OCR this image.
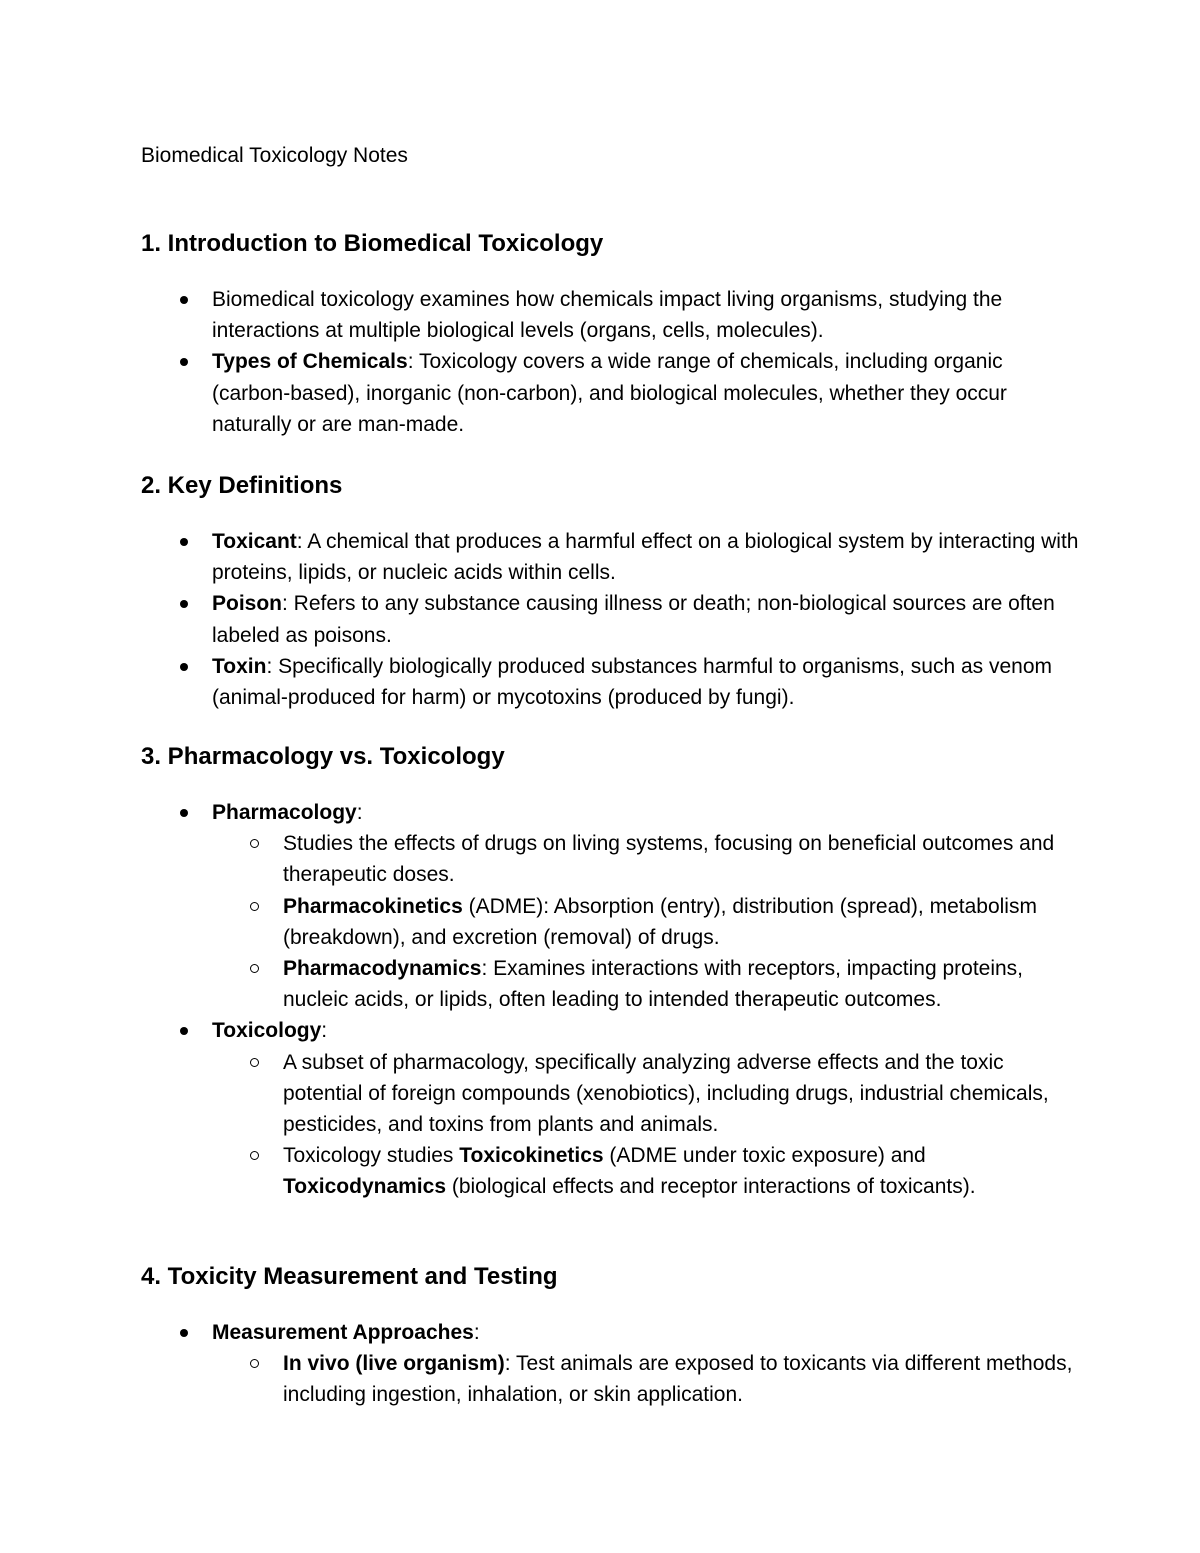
Biomedical Toxicology Notes

1. Introduction to Biomedical Toxicology
Biomedical toxicology examines how chemicals impact living organisms, studying the interactions at multiple biological levels (organs, cells, molecules).
Types of Chemicals: Toxicology covers a wide range of chemicals, including organic (carbon-based), inorganic (non-carbon), and biological molecules, whether they occur naturally or are man-made.
2. Key Definitions
Toxicant: A chemical that produces a harmful effect on a biological system by interacting with proteins, lipids, or nucleic acids within cells.
Poison: Refers to any substance causing illness or death; non-biological sources are often labeled as poisons.
Toxin: Specifically biologically produced substances harmful to organisms, such as venom (animal-produced for harm) or mycotoxins (produced by fungi).
3. Pharmacology vs. Toxicology
Pharmacology:
Studies the effects of drugs on living systems, focusing on beneficial outcomes and therapeutic doses.
Pharmacokinetics (ADME): Absorption (entry), distribution (spread), metabolism (breakdown), and excretion (removal) of drugs.
Pharmacodynamics: Examines interactions with receptors, impacting proteins, nucleic acids, or lipids, often leading to intended therapeutic outcomes.
Toxicology:
A subset of pharmacology, specifically analyzing adverse effects and the toxic potential of foreign compounds (xenobiotics), including drugs, industrial chemicals, pesticides, and toxins from plants and animals.
Toxicology studies Toxicokinetics (ADME under toxic exposure) and Toxicodynamics (biological effects and receptor interactions of toxicants).
4. Toxicity Measurement and Testing
Measurement Approaches:
In vivo (live organism): Test animals are exposed to toxicants via different methods, including ingestion, inhalation, or skin application.
